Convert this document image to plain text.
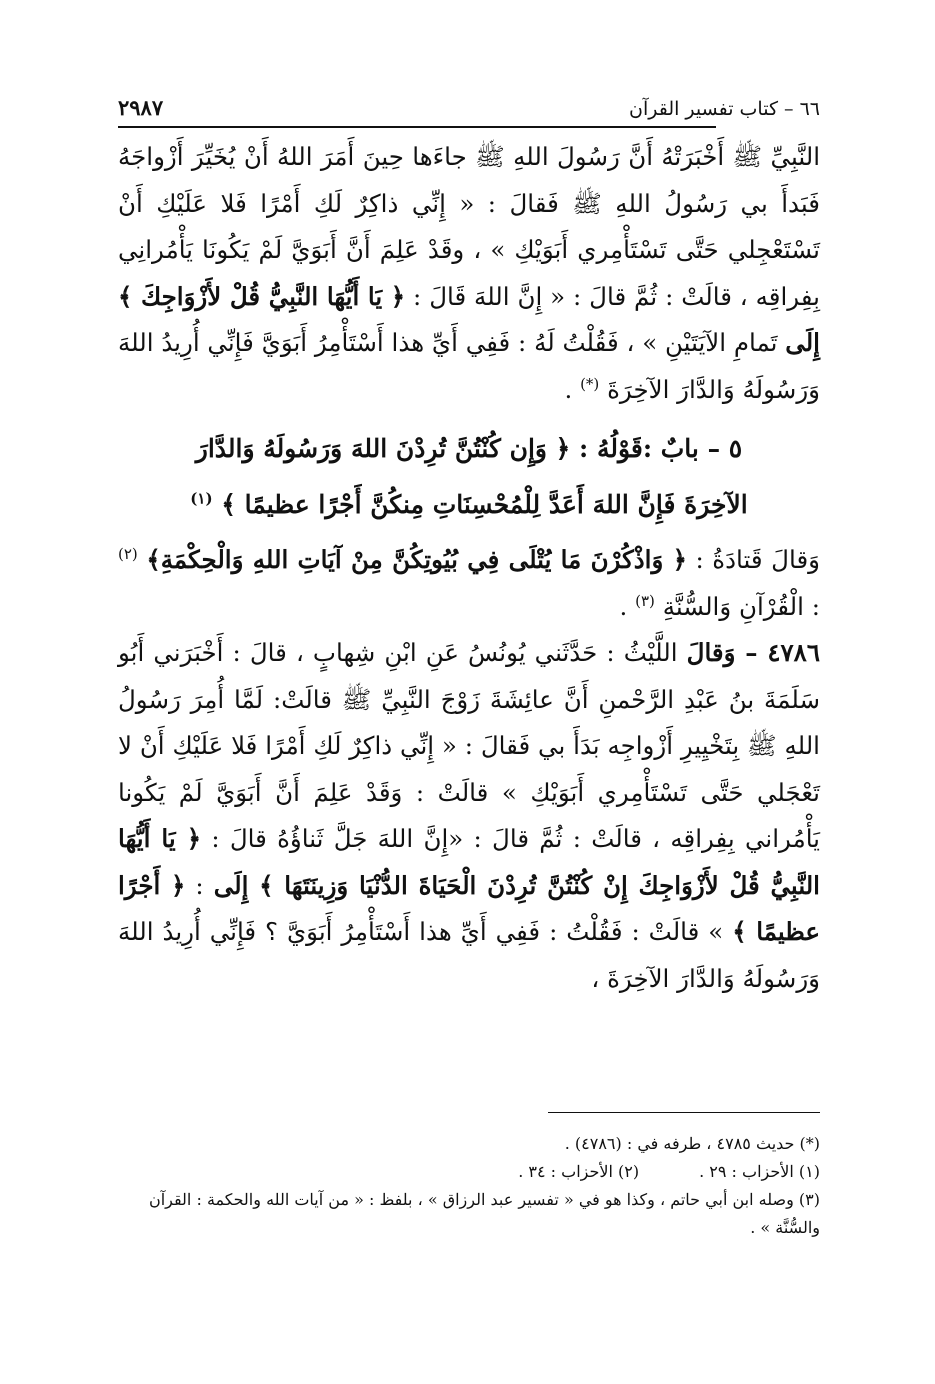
٦٦ – كتاب تفسير القرآن
٢٩٨٧

النَّبِيِّ ﷺ أَخْبَرَتْهُ أَنَّ رَسُولَ اللهِ ﷺ جاءَها حِينَ أَمَرَ اللهُ أَنْ يُخَيِّرَ أَزْواجَهُ فَبَدأَ بي رَسُولُ اللهِ ﷺ فَقالَ : « إِنِّي ذاكِرٌ لَكِ أَمْرًا فَلا عَلَيْكِ أَنْ تَسْتَعْجِلي حَتَّى تَسْتَأْمِري أَبَوَيْكِ » ، وقَدْ عَلِمَ أَنَّ أَبَوَيَّ لَمْ يَكُونَا يَأْمُرانِي بِفِراقِه ، قالَتْ : ثُمَّ قالَ : « إِنَّ اللهَ قَالَ : ﴿ يَا أَيُّهَا النَّبِيُّ قُلْ لأَزْوَاجِكَ ﴾ إِلَى تَمامِ الآيَتَيْنِ » ، فَقُلْتُ لَهُ : فَفِي أَيِّ هذا أَسْتَأْمِرُ أَبَوَيَّ فَإِنِّي أُرِيدُ اللهَ وَرَسُولَهُ وَالدَّارَ الآخِرَةَ (*) .

٥ – بابٌ :قَوْلُهُ : ﴿ وَإِن كُنْتُنَّ تُرِدْنَ اللهَ وَرَسُولَهُ وَالدَّارَ
الآخِرَةَ فَإِنَّ اللهَ أَعَدَّ لِلْمُحْسِنَاتِ مِنكُنَّ أَجْرًا عظيمًا ﴾ $^{(١)}$

وَقالَ قَتادَةُ : ﴿ وَاذْكُرْنَ مَا يُتْلَى فِي بُيُوتِكُنَّ مِنْ آيَاتِ اللهِ وَالْحِكْمَةِ﴾ $^{(٢)}$ : الْقُرْآنِ وَالسُّنَّةِ $^{(٣)}$ .

٤٧٨٦ – وَقالَ اللَّيْثُ : حَدَّثَني يُونُسُ عَنِ ابْنِ شِهابٍ ، قالَ : أَخْبَرَني أَبُو سَلَمَةَ بنُ عَبْدِ الرَّحْمنِ أَنَّ عائِشَةَ زَوْجَ النَّبِيِّ ﷺ قالَتْ: لَمَّا أُمِرَ رَسُولُ اللهِ ﷺ بِتَخْيِيرِ أَزْواجِه بَدَأَ بي فَقالَ : « إِنِّي ذاكِرٌ لَكِ أَمْرًا فَلا عَلَيْكِ أَنْ لا تَعْجَلي حَتَّى تَسْتَأْمِري أَبَوَيْكِ » قالَتْ : وَقَدْ عَلِمَ أَنَّ أَبَوَيَّ لَمْ يَكُونا يَأْمُراني بِفِراقِه ، قالَتْ : ثُمَّ قالَ : «إِنَّ اللهَ جَلَّ ثَناؤُهُ قالَ : ﴿ يَا أَيُّهَا النَّبِيُّ قُلْ لأَزْوَاجِكَ إِنْ كُنْتُنَّ تُرِدْنَ الْحَيَاةَ الدُّنْيَا وَزِينَتَهَا ﴾ إِلَى : ﴿ أَجْرًا عظيمًا ﴾ » قالَتْ : فَقُلْتُ : فَفِي أَيِّ هذا أَسْتَأْمِرُ أَبَوَيَّ ؟ فَإِنِّي أُرِيدُ اللهَ وَرَسُولَهُ وَالدَّارَ الآخِرَةَ ،

(*) حديث ٤٧٨٥ ، طرفه في : (٤٧٨٦) .
(١) الأحزاب : ٢٩ .
(٢) الأحزاب : ٣٤ .
(٣) وصله ابن أبي حاتم ، وكذا هو في « تفسير عبد الرزاق » ، بلفظ : « من آيات الله والحكمة : القرآن والسُّنَّة » .
